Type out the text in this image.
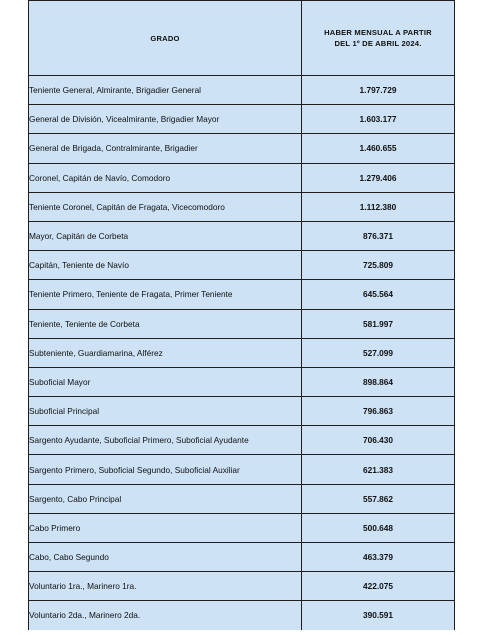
GRADO	HABER MENSUAL A PARTIR
DEL 1º DE ABRIL 2024.

Teniente General, Almirante, Brigadier General	1.797.729
General de División, Vicealmirante, Brigadier Mayor	1.603.177
General de Brigada, Contralmirante, Brigadier	1.460.655
Coronel, Capitán de Navío, Comodoro	1.279.406
Teniente Coronel, Capitán de Fragata, Vicecomodoro	1.112.380
Mayor, Capitán de Corbeta	876.371
Capitán, Teniente de Navío	725.809
Teniente Primero, Teniente de Fragata, Primer Teniente	645.564
Teniente, Teniente de Corbeta	581.997
Subteniente, Guardiamarina, Alférez	527.099
Suboficial Mayor	898.864
Suboficial Principal	796.863
Sargento Ayudante, Suboficial Primero, Suboficial Ayudante	706.430
Sargento Primero, Suboficial Segundo, Suboficial Auxiliar	621.383
Sargento, Cabo Principal	557.862
Cabo Primero	500.648
Cabo, Cabo Segundo	463.379
Voluntario 1ra., Marinero 1ra.	422.075
Voluntario 2da., Marinero 2da.	390.591
